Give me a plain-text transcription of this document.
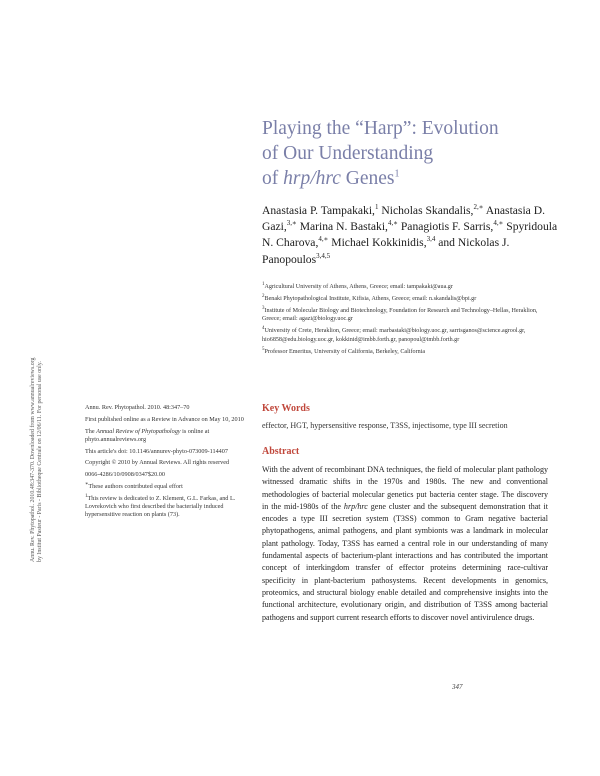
Annu. Rev. Phytopathol. 2010.48:347-370. Downloaded from www.annualreviews.org by Institut Pasteur - Paris - Bibliotheque Centrale on 12/06/11. For personal use only.
Playing the “Harp”: Evolution
of Our Understanding
of hrp/hrc Genes$^1$
Anastasia P. Tampakaki,$^1$ Nicholas Skandalis,$^{2,∗}$ Anastasia D. Gazi,$^{3,∗}$ Marina N. Bastaki,$^{4,∗}$ Panagiotis F. Sarris,$^{4,∗}$ Spyridoula N. Charova,$^{4,∗}$ Michael Kokkinidis,$^{3,4}$ and Nickolas J. Panopoulos$^{3,4,5}$

$^1$Agricultural University of Athens, Athens, Greece; email: tampakaki@aua.gr

$^2$Benaki Phytopathological Institute, Kifisia, Athens, Greece; email: n.skandalis@bpi.gr

$^3$Institute of Molecular Biology and Biotechnology, Foundation for Research and Technology–Hellas, Heraklion, Greece; email: agazi@biology.uoc.gr

$^4$University of Crete, Heraklion, Greece; email: marbastaki@biology.uoc.gr, sarrisganos@science.agrool.gr, hio6858@edu.biology.uoc.gr, kokkinid@imbb.forth.gr, panopoul@imbb.forth.gr

$^5$Professor Emeritus, University of California, Berkeley, California

Annu. Rev. Phytopathol. 2010. 48:347–70

First published online as a Review in Advance on May 10, 2010

The Annual Review of Phytopathology is online at phyto.annualreviews.org

This article's doi: 10.1146/annurev-phyto-073009-114407

Copyright © 2010 by Annual Reviews. All rights reserved

0066-4286/10/0908/0347$20.00

∗These authors contributed equal effort

$^1$This review is dedicated to Z. Klement, G.L. Farkas, and L. Lovrekovich who first described the bacterially induced hypersensitive reaction on plants (73).

Key Words

effector, HGT, hypersensitive response, T3SS, injectisome, type III secretion

Abstract

With the advent of recombinant DNA techniques, the field of molecular plant pathology witnessed dramatic shifts in the 1970s and 1980s. The new and conventional methodologies of bacterial molecular genetics put bacteria center stage. The discovery in the mid-1980s of the hrp/hrc gene cluster and the subsequent demonstration that it encodes a type III secretion system (T3SS) common to Gram negative bacterial phytopathogens, animal pathogens, and plant symbionts was a landmark in molecular plant pathology. Today, T3SS has earned a central role in our understanding of many fundamental aspects of bacterium-plant interactions and has contributed the important concept of interkingdom transfer of effector proteins determining race-cultivar specificity in plant-bacterium pathosystems. Recent developments in genomics, proteomics, and structural biology enable detailed and comprehensive insights into the functional architecture, evolutionary origin, and distribution of T3SS among bacterial pathogens and support current research efforts to discover novel antivirulence drugs.

347
